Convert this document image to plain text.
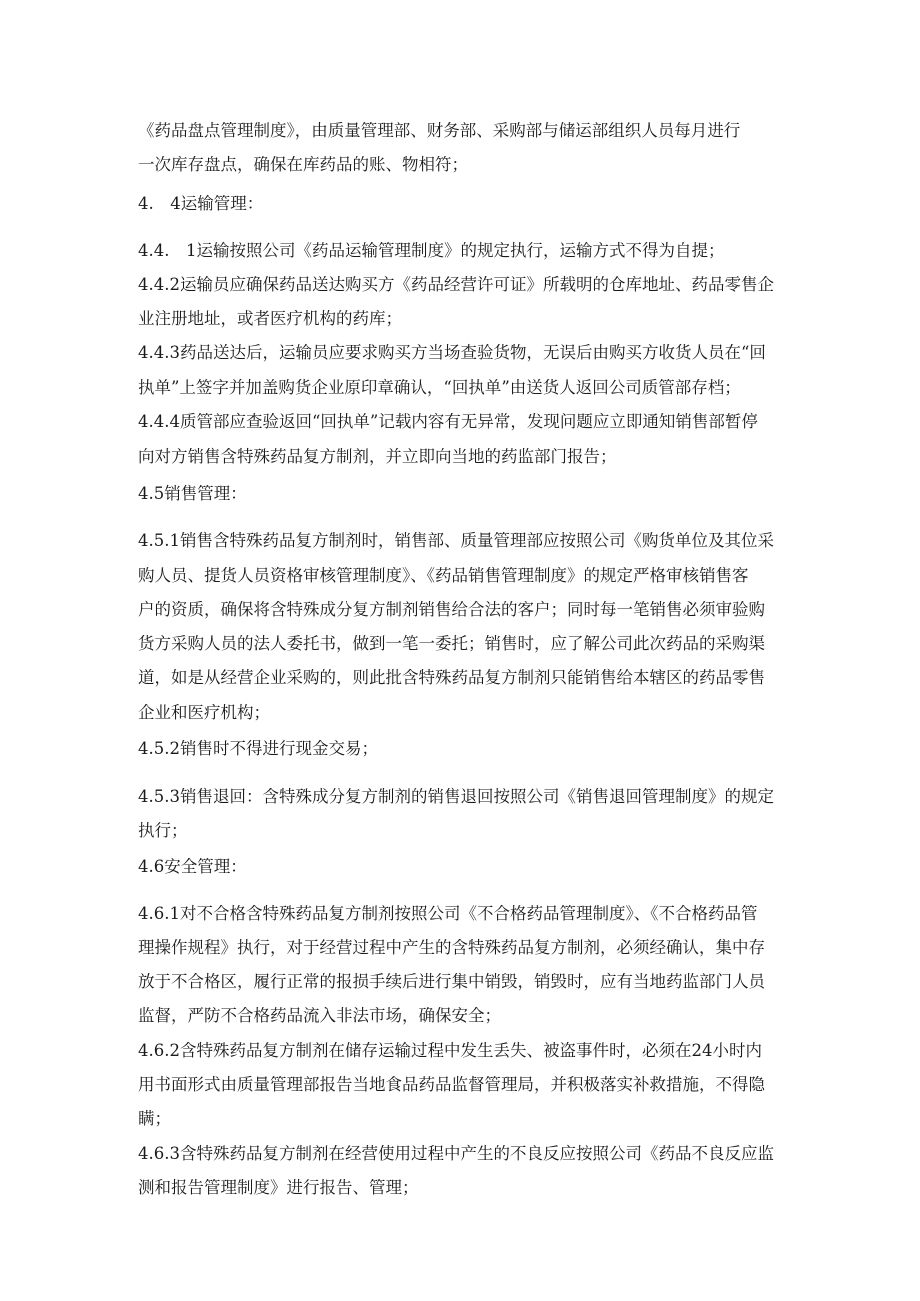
《药品盘点管理制度》，由质量管理部、财务部、采购部与储运部组织人员每月进行
一次库存盘点，确保在库药品的账、物相符；
4.　4运输管理：
4.4.　1运输按照公司《药品运输管理制度》的规定执行，运输方式不得为自提；
4.4.2运输员应确保药品送达购买方《药品经营许可证》所载明的仓库地址、药品零售企
业注册地址，或者医疗机构的药库；
4.4.3药品送达后，运输员应要求购买方当场查验货物，无误后由购买方收货人员在“回
执单”上签字并加盖购货企业原印章确认，“回执单”由送货人返回公司质管部存档；
4.4.4质管部应查验返回“回执单”记载内容有无异常，发现问题应立即通知销售部暂停
向对方销售含特殊药品复方制剂，并立即向当地的药监部门报告；
4.5销售管理：
4.5.1销售含特殊药品复方制剂时，销售部、质量管理部应按照公司《购货单位及其位采
购人员、提货人员资格审核管理制度》、《药品销售管理制度》的规定严格审核销售客
户的资质，确保将含特殊成分复方制剂销售给合法的客户；同时每一笔销售必须审验购
货方采购人员的法人委托书，做到一笔一委托；销售时，应了解公司此次药品的采购渠
道，如是从经营企业采购的，则此批含特殊药品复方制剂只能销售给本辖区的药品零售
企业和医疗机构；
4.5.2销售时不得进行现金交易；
4.5.3销售退回：含特殊成分复方制剂的销售退回按照公司《销售退回管理制度》的规定
执行；
4.6安全管理：
4.6.1对不合格含特殊药品复方制剂按照公司《不合格药品管理制度》、《不合格药品管
理操作规程》执行，对于经营过程中产生的含特殊药品复方制剂，必须经确认，集中存
放于不合格区，履行正常的报损手续后进行集中销毁，销毁时，应有当地药监部门人员
监督，严防不合格药品流入非法市场，确保安全；
4.6.2含特殊药品复方制剂在储存运输过程中发生丢失、被盗事件时，必须在24小时内
用书面形式由质量管理部报告当地食品药品监督管理局，并积极落实补救措施，不得隐
瞒；
4.6.3含特殊药品复方制剂在经营使用过程中产生的不良反应按照公司《药品不良反应监
测和报告管理制度》进行报告、管理；
